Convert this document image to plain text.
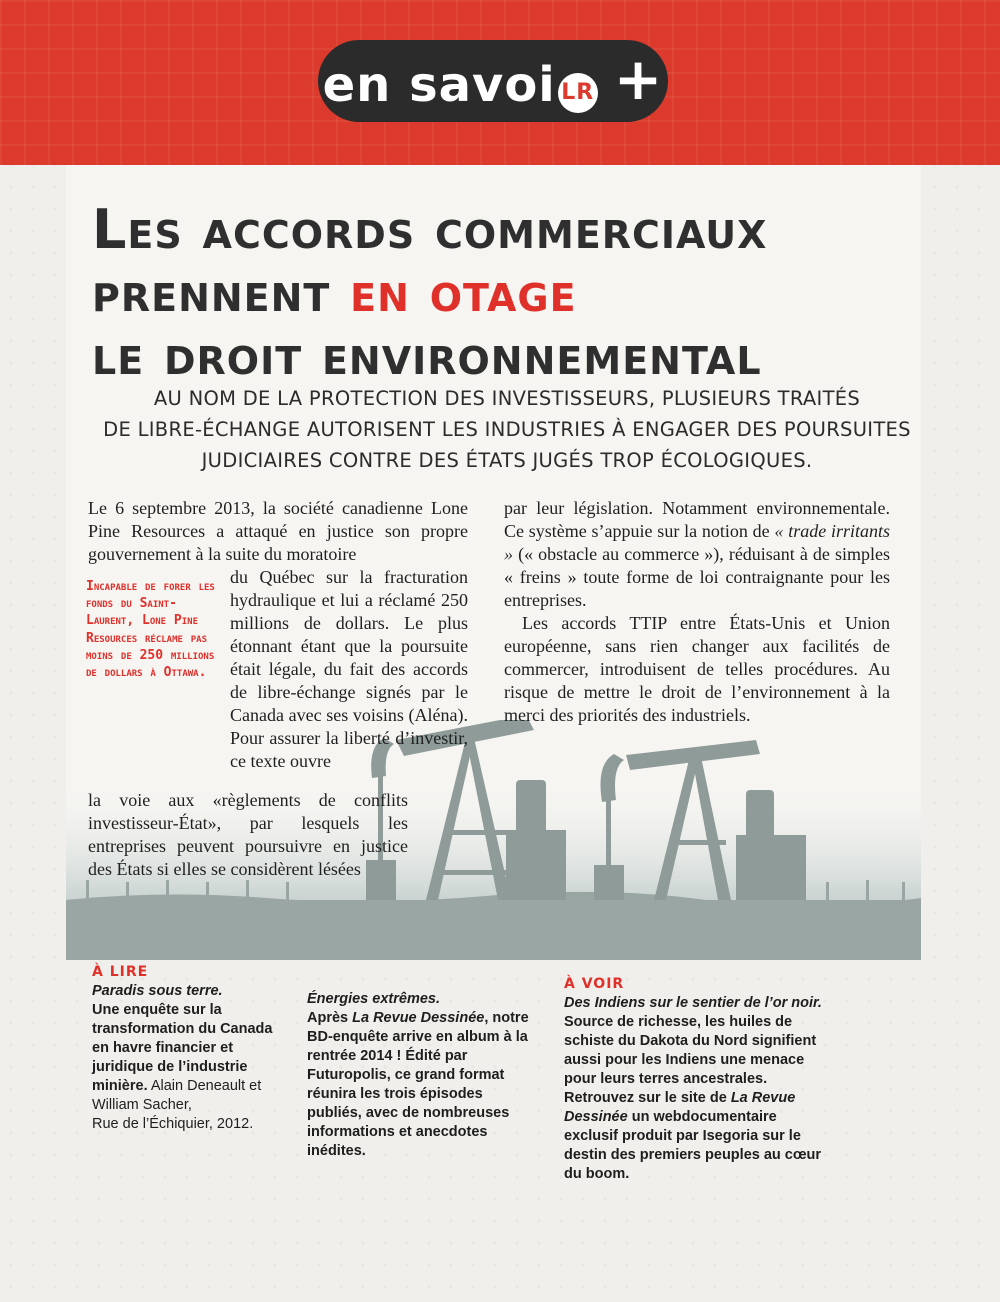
en savoi LR +
Les accords commerciaux
prennent en otage
le droit environnemental
AU NOM DE LA PROTECTION DES INVESTISSEURS, PLUSIEURS TRAITÉS
DE LIBRE-ÉCHANGE AUTORISENT LES INDUSTRIES À ENGAGER DES POURSUITES
JUDICIAIRES CONTRE DES ÉTATS JUGÉS TROP ÉCOLOGIQUES.
Le 6 septembre 2013, la société canadienne Lone Pine Resources a attaqué en justice son propre gouvernement à la suite du moratoire
Incapable de forer les fonds du Saint-Laurent, Lone Pine Resources réclame pas moins de 250 millions de dollars à Ottawa.
du Québec sur la fracturation hydraulique et lui a réclamé 250 millions de dollars. Le plus étonnant étant que la poursuite était légale, du fait des accords de libre-échange signés par le Canada avec ses voisins (Aléna). Pour assurer la liberté d’investir, ce texte ouvre
la voie aux «règlements de conflits investisseur-État», par lesquels les entreprises peuvent poursuivre en justice des États si elles se considèrent lésées

par leur législation. Notamment environnementale. Ce système s’appuie sur la notion de « trade irritants » (« obstacle au commerce »), réduisant à de simples « freins » toute forme de loi contraignante pour les entreprises.

Les accords TTIP entre États-Unis et Union européenne, sans rien changer aux facilités de commercer, introduisent de telles procédures. Au risque de mettre le droit de l’environnement à la merci des priorités des industriels.

À LIRE
Paradis sous terre.
Une enquête sur la transformation du Canada en havre financier et juridique de l’industrie minière. Alain Deneault et William Sacher,
Rue de l’Échiquier, 2012.
Énergies extrêmes.
Après La Revue Dessinée, notre BD-enquête arrive en album à la rentrée 2014 ! Édité par Futuropolis, ce grand format réunira les trois épisodes publiés, avec de nombreuses informations et anecdotes inédites.
À VOIR
Des Indiens sur le sentier de l’or noir.
Source de richesse, les huiles de schiste du Dakota du Nord signifient aussi pour les Indiens une menace pour leurs terres ancestrales. Retrouvez sur le site de La Revue Dessinée un webdocumentaire exclusif produit par Isegoria sur le destin des premiers peuples au cœur du boom.
